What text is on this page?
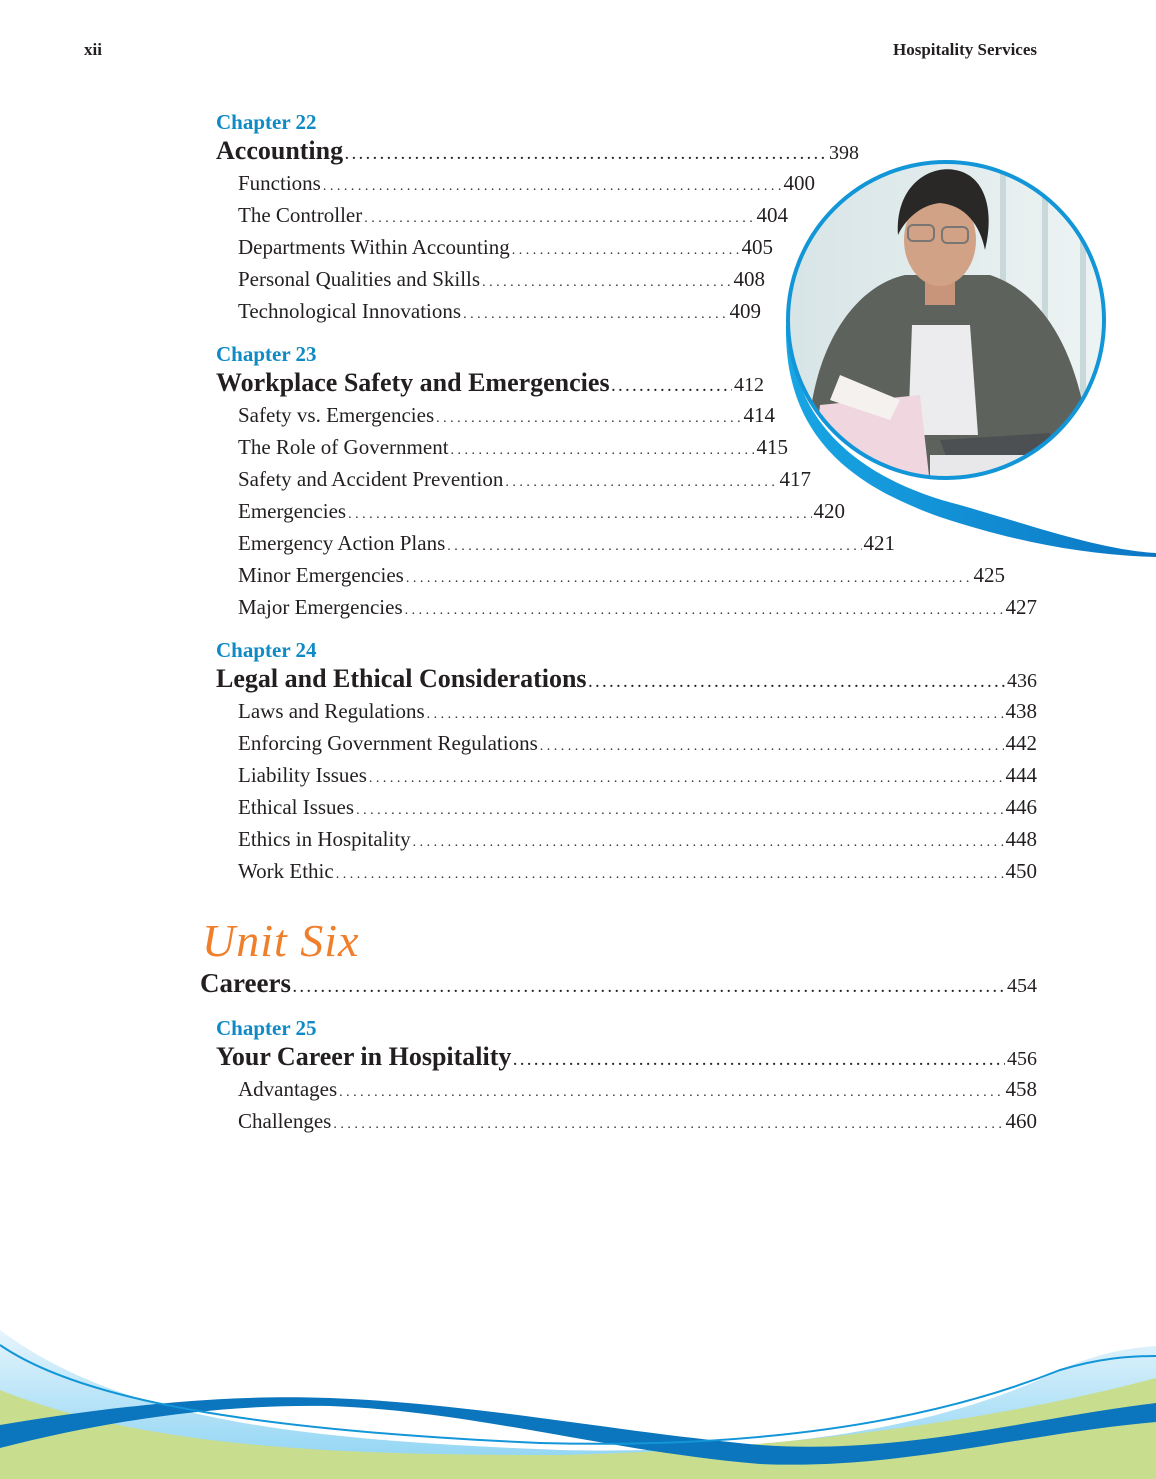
xii	Hospitality Services
Chapter 22
Accounting . . .	398
Functions . . .	400
The Controller . . .	404
Departments Within Accounting . . .	405
Personal Qualities and Skills . . .	408
Technological Innovations . . .	409
Chapter 23
Workplace Safety and Emergencies . . .	412
Safety vs. Emergencies . . .	414
The Role of Government . . .	415
Safety and Accident Prevention . . .	417
Emergencies . . .	420
Emergency Action Plans . . .	421
Minor Emergencies . . .	425
Major Emergencies . . .	427
Chapter 24
Legal and Ethical Considerations . . .	436
Laws and Regulations . . .	438
Enforcing Government Regulations . . .	442
Liability Issues . . .	444
Ethical Issues . . .	446
Ethics in Hospitality . . .	448
Work Ethic . . .	450
Unit Six
Careers . . .	454
Chapter 25
Your Career in Hospitality . . .	456
Advantages . . .	458
Challenges . . .	460
